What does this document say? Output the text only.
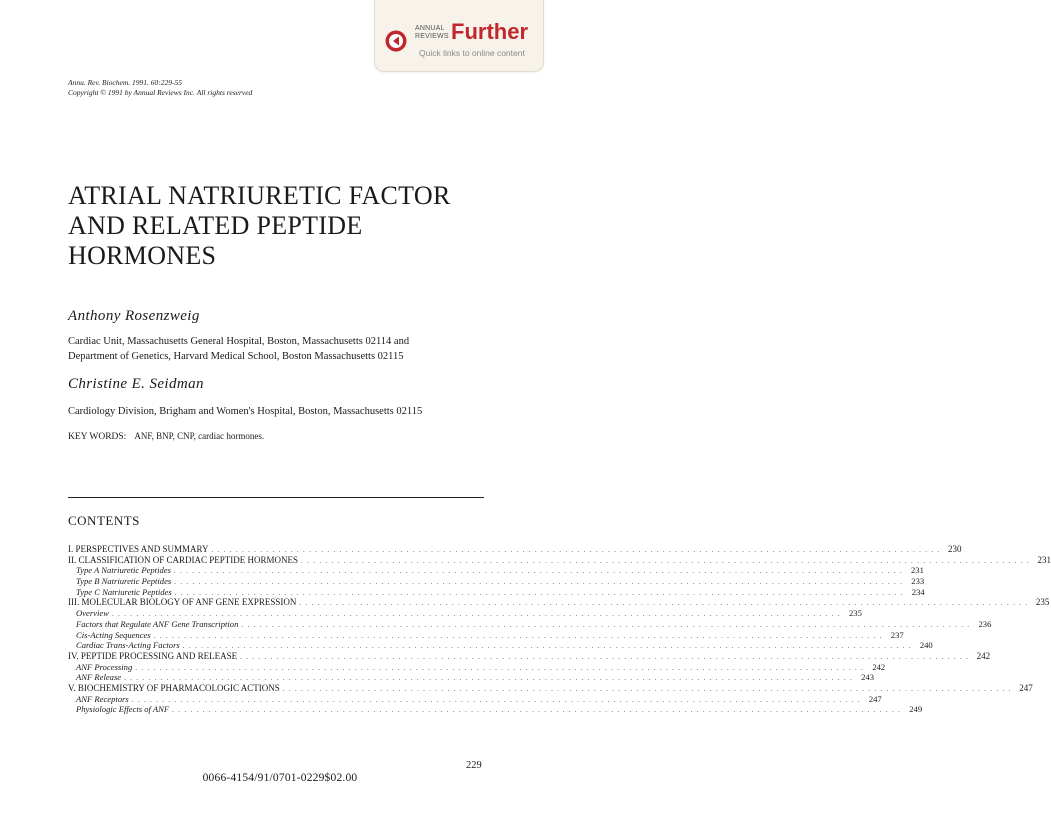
ANNUAL
REVIEWS Further
Quick links to online content
Annu. Rev. Biochem. 1991. 60:229-55
Copyright © 1991 by Annual Reviews Inc. All rights reserved
ATRIAL NATRIURETIC FACTOR
AND RELATED PEPTIDE
HORMONES
Anthony Rosenzweig
Cardiac Unit, Massachusetts General Hospital, Boston, Massachusetts 02114 and
Department of Genetics, Harvard Medical School, Boston Massachusetts 02115
Christine E. Seidman
Cardiology Division, Brigham and Women's Hospital, Boston, Massachusetts 02115
KEY WORDS: ANF, BNP, CNP, cardiac hormones.
CONTENTS
I. PERSPECTIVES AND SUMMARY . . . . . . . . . . . . . . . . . . . . . . . . . . . . . . . . . . . . . . . . . . . . . . . . . . . . . . . . . . . . . . . . . . . . . . . . . . . . . . . . . . . . . . . . . . . . . . . . . . . . . . . . . . . . . . . . . . . . . . . . 230
II. CLASSIFICATION OF CARDIAC PEPTIDE HORMONES . . . . . . . . . . . . . . . . . . . . . . . . . . . . . . . . . . . . . . . . . . . . . . . . . . . . . . . . . . . . . . . . . . . . . . . . . . . . . . . . . . . . . . . . . . . . . . . . . . . . . . . . . . . . . . . . . . . . . . . . 231
Type A Natriuretic Peptides . . . . . . . . . . . . . . . . . . . . . . . . . . . . . . . . . . . . . . . . . . . . . . . . . . . . . . . . . . . . . . . . . . . . . . . . . . . . . . . . . . . . . . . . . . . . . . . . . . . . . . . . . . . . . . . . . . . . . . . . 231
Type B Natriuretic Peptides . . . . . . . . . . . . . . . . . . . . . . . . . . . . . . . . . . . . . . . . . . . . . . . . . . . . . . . . . . . . . . . . . . . . . . . . . . . . . . . . . . . . . . . . . . . . . . . . . . . . . . . . . . . . . . . . . . . . . . . . 233
Type C Natriuretic Peptides . . . . . . . . . . . . . . . . . . . . . . . . . . . . . . . . . . . . . . . . . . . . . . . . . . . . . . . . . . . . . . . . . . . . . . . . . . . . . . . . . . . . . . . . . . . . . . . . . . . . . . . . . . . . . . . . . . . . . . . . 234
III. MOLECULAR BIOLOGY OF ANF GENE EXPRESSION . . . . . . . . . . . . . . . . . . . . . . . . . . . . . . . . . . . . . . . . . . . . . . . . . . . . . . . . . . . . . . . . . . . . . . . . . . . . . . . . . . . . . . . . . . . . . . . . . . . . . . . . . . . . . . . . . . . . . . . . 235
Overview . . . . . . . . . . . . . . . . . . . . . . . . . . . . . . . . . . . . . . . . . . . . . . . . . . . . . . . . . . . . . . . . . . . . . . . . . . . . . . . . . . . . . . . . . . . . . . . . . . . . . . . . . . . . . . . . . . . . . . . . 235
Factors that Regulate ANF Gene Transcription . . . . . . . . . . . . . . . . . . . . . . . . . . . . . . . . . . . . . . . . . . . . . . . . . . . . . . . . . . . . . . . . . . . . . . . . . . . . . . . . . . . . . . . . . . . . . . . . . . . . . . . . . . . . . . . . . . . . . . . . 236
Cis-Acting Sequences . . . . . . . . . . . . . . . . . . . . . . . . . . . . . . . . . . . . . . . . . . . . . . . . . . . . . . . . . . . . . . . . . . . . . . . . . . . . . . . . . . . . . . . . . . . . . . . . . . . . . . . . . . . . . . . . . . . . . . . . 237
Cardiac Trans-Acting Factors . . . . . . . . . . . . . . . . . . . . . . . . . . . . . . . . . . . . . . . . . . . . . . . . . . . . . . . . . . . . . . . . . . . . . . . . . . . . . . . . . . . . . . . . . . . . . . . . . . . . . . . . . . . . . . . . . . . . . . . . 240
IV. PEPTIDE PROCESSING AND RELEASE . . . . . . . . . . . . . . . . . . . . . . . . . . . . . . . . . . . . . . . . . . . . . . . . . . . . . . . . . . . . . . . . . . . . . . . . . . . . . . . . . . . . . . . . . . . . . . . . . . . . . . . . . . . . . . . . . . . . . . . . 242
ANF Processing . . . . . . . . . . . . . . . . . . . . . . . . . . . . . . . . . . . . . . . . . . . . . . . . . . . . . . . . . . . . . . . . . . . . . . . . . . . . . . . . . . . . . . . . . . . . . . . . . . . . . . . . . . . . . . . . . . . . . . . . 242
ANF Release . . . . . . . . . . . . . . . . . . . . . . . . . . . . . . . . . . . . . . . . . . . . . . . . . . . . . . . . . . . . . . . . . . . . . . . . . . . . . . . . . . . . . . . . . . . . . . . . . . . . . . . . . . . . . . . . . . . . . . . . 243
V. BIOCHEMISTRY OF PHARMACOLOGIC ACTIONS . . . . . . . . . . . . . . . . . . . . . . . . . . . . . . . . . . . . . . . . . . . . . . . . . . . . . . . . . . . . . . . . . . . . . . . . . . . . . . . . . . . . . . . . . . . . . . . . . . . . . . . . . . . . . . . . . . . . . . . . 247
ANF Receptors . . . . . . . . . . . . . . . . . . . . . . . . . . . . . . . . . . . . . . . . . . . . . . . . . . . . . . . . . . . . . . . . . . . . . . . . . . . . . . . . . . . . . . . . . . . . . . . . . . . . . . . . . . . . . . . . . . . . . . . . 247
Physiologic Effects of ANF . . . . . . . . . . . . . . . . . . . . . . . . . . . . . . . . . . . . . . . . . . . . . . . . . . . . . . . . . . . . . . . . . . . . . . . . . . . . . . . . . . . . . . . . . . . . . . . . . . . . . . . . . . . . . . . . . . . . . . . . 249
229
0066-4154/91/0701-0229$02.00
